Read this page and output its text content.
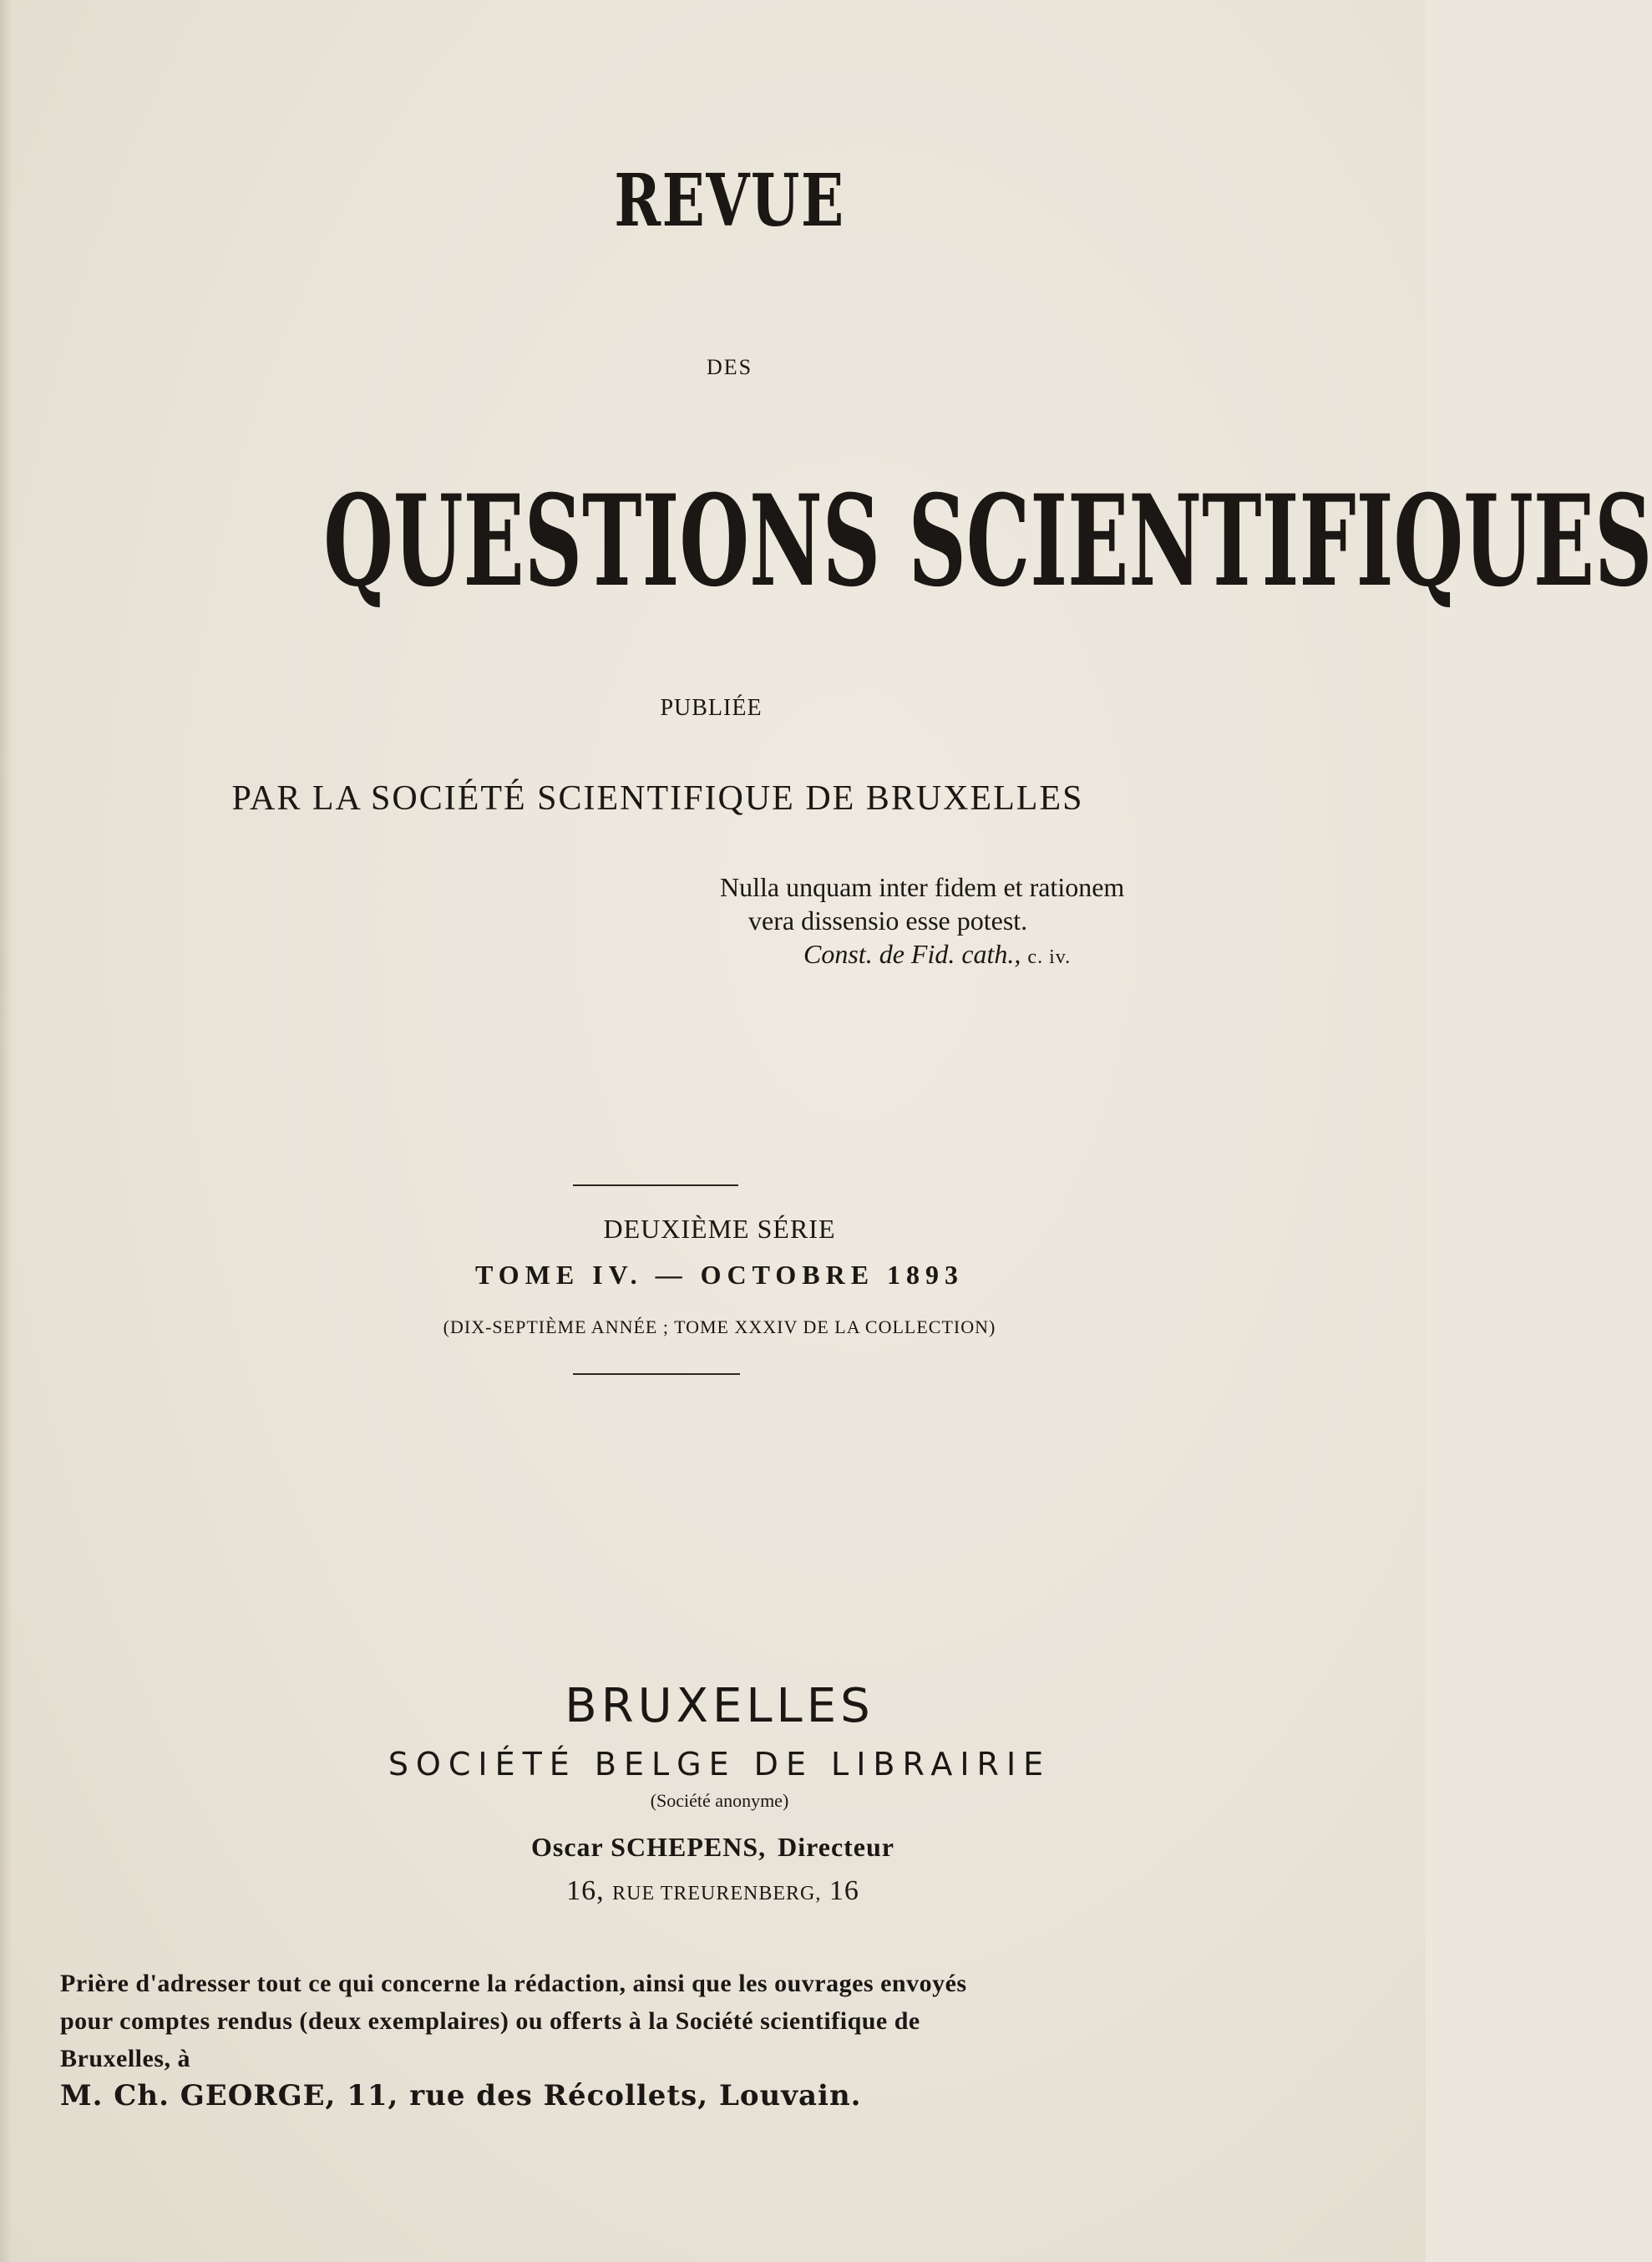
REVUE

DES

QUESTIONS SCIENTIFIQUES

PUBLIÉE

PAR LA SOCIÉTÉ SCIENTIFIQUE DE BRUXELLES

Nulla unquam inter fidem et rationem
vera dissensio esse potest.
Const. de Fid. cath., c. iv.

DEUXIÈME SÉRIE

TOME IV. — OCTOBRE 1893

(DIX-SEPTIÈME ANNÉE ; TOME XXXIV DE LA COLLECTION)

BRUXELLES

SOCIÉTÉ BELGE DE LIBRAIRIE

(Société anonyme)

Oscar SCHEPENS, Directeur

16, RUE TREURENBERG, 16

Prière d'adresser tout ce qui concerne la rédaction, ainsi que les ouvrages envoyés
pour comptes rendus (deux exemplaires) ou offerts à la Société scientifique de
Bruxelles, à
M. Ch. GEORGE, 11, rue des Récollets, Louvain.
